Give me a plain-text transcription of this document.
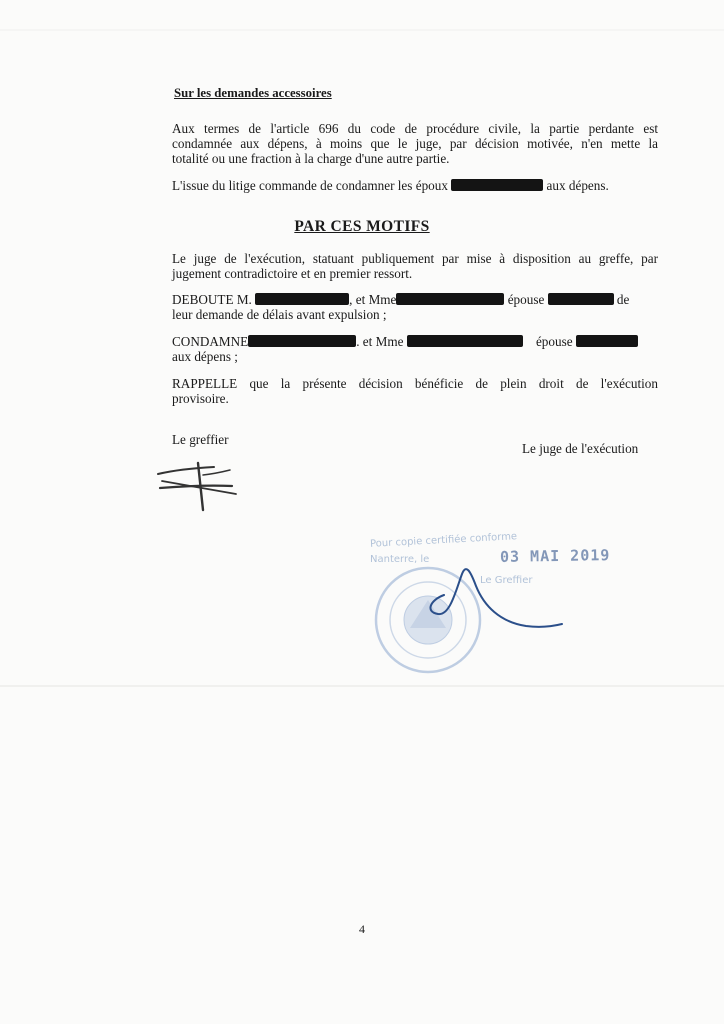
Sur les demandes accessoires
Aux termes de l'article 696 du code de procédure civile, la partie perdante est
condamnée aux dépens, à moins que le juge, par décision motivée, n'en mette la
totalité ou une fraction à la charge d'une autre partie.
L'issue du litige commande de condamner les époux	aux dépens.
PAR CES MOTIFS
Le juge de l'exécution, statuant publiquement par mise à disposition au greffe, par
jugement contradictoire et en premier ressort.
DEBOUTE M.	, et Mme	épouse	de
leur demande de délais avant expulsion ;
CONDAMNE	. et Mme	épouse
aux dépens ;
RAPPELLE que la présente décision bénéficie de plein droit de l'exécution
provisoire.
Le greffier
Le juge de l'exécution
Pour copie certifiée conforme
Nanterre, le	03 MAI 2019
Le Greffier
4
